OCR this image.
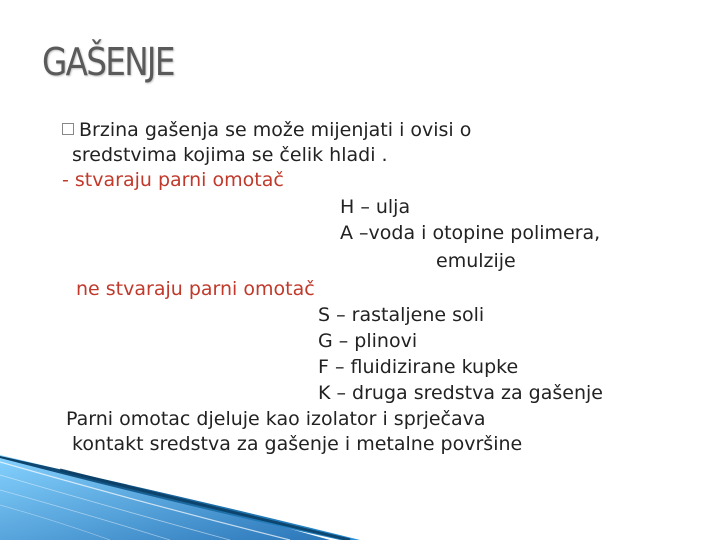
GAŠENJE
Brzina gašenja se može mijenjati i ovisi o
sredstvima kojima se čelik hladi .
- stvaraju parni omotač
H – ulja
A –voda i otopine polimera,
emulzije
ne stvaraju parni omotač
S – rastaljene soli
G – plinovi
F – fluidizirane kupke
K – druga sredstva za gašenje
Parni omotac djeluje kao izolator i sprječava
kontakt sredstva za gašenje i metalne površine
